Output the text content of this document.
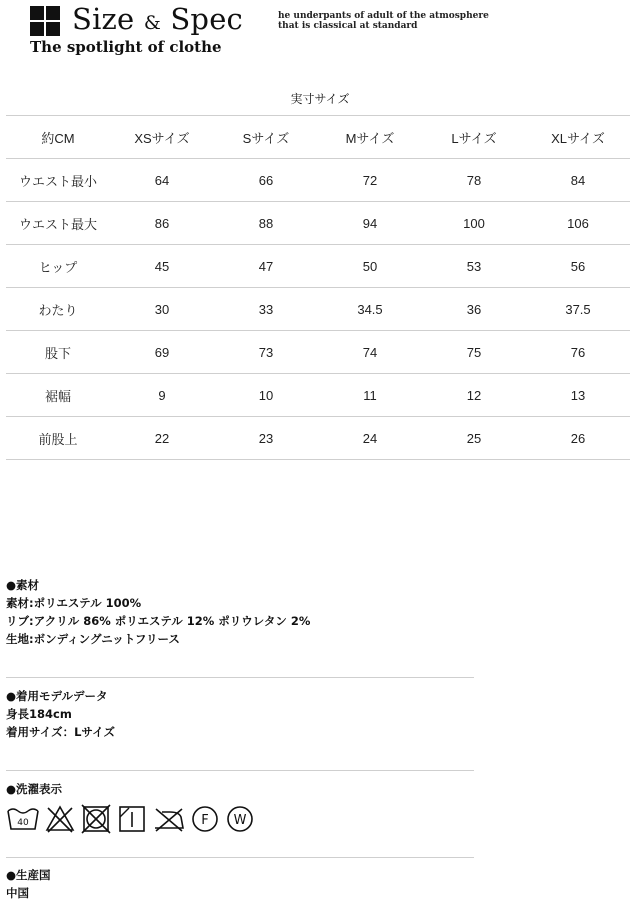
Size & Spec
The spotlight of clothe
he underpants of adult of the atmosphere
that is classical at standard
実寸サイズ
約CM	XSサイズ	Sサイズ	Mサイズ	Lサイズ	XLサイズ
ウエスト最小	64	66	72	78	84
ウエスト最大	86	88	94	100	106
ヒップ	45	47	50	53	56
わたり	30	33	34.5	36	37.5
股下	69	73	74	75	76
裾幅	9	10	11	12	13
前股上	22	23	24	25	26
●素材
素材:ポリエステル 100%
リブ:アクリル 86% ポリエステル 12% ポリウレタン 2%
生地:ボンディングニットフリース
●着用モデルデータ
身長184cm
着用サイズ：Lサイズ
●洗濯表示
40	F W
●生産国
中国
